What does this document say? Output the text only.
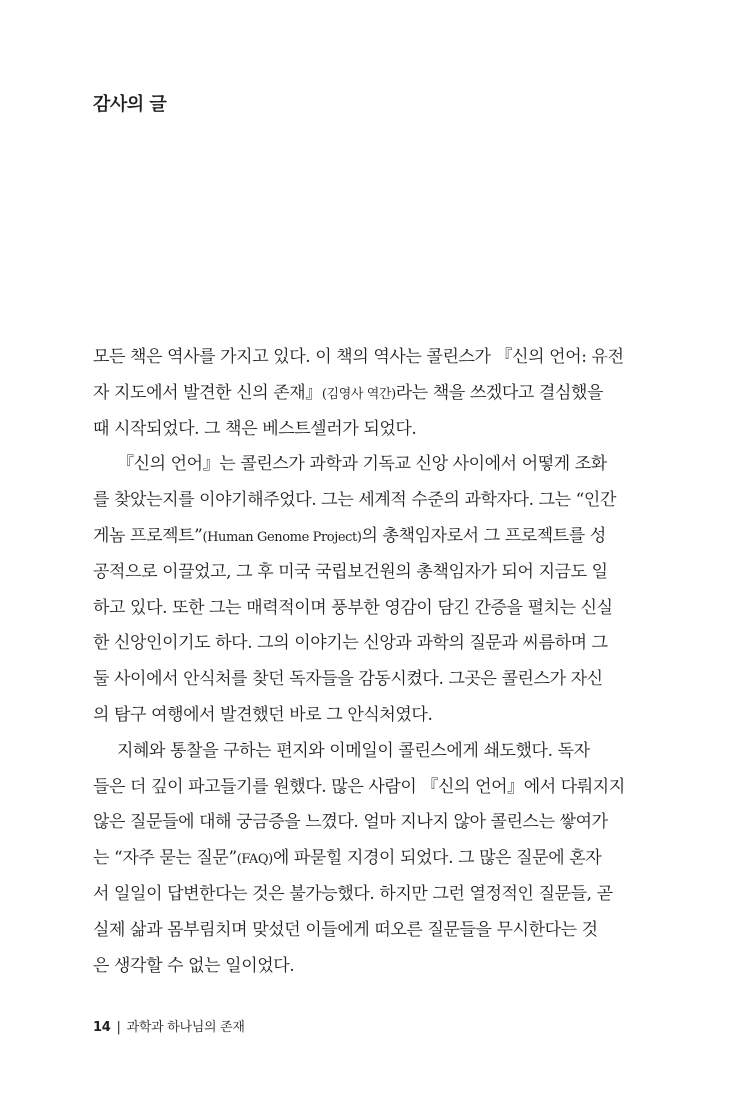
감사의 글
모든 책은 역사를 가지고 있다. 이 책의 역사는 콜린스가 『신의 언어: 유전
자 지도에서 발견한 신의 존재』(김영사 역간)라는 책을 쓰겠다고 결심했을
때 시작되었다. 그 책은 베스트셀러가 되었다.
『신의 언어』는 콜린스가 과학과 기독교 신앙 사이에서 어떻게 조화
를 찾았는지를 이야기해주었다. 그는 세계적 수준의 과학자다. 그는 “인간
게놈 프로젝트”(Human Genome Project)의 총책임자로서 그 프로젝트를 성
공적으로 이끌었고, 그 후 미국 국립보건원의 총책임자가 되어 지금도 일
하고 있다. 또한 그는 매력적이며 풍부한 영감이 담긴 간증을 펼치는 신실
한 신앙인이기도 하다. 그의 이야기는 신앙과 과학의 질문과 씨름하며 그
둘 사이에서 안식처를 찾던 독자들을 감동시켰다. 그곳은 콜린스가 자신
의 탐구 여행에서 발견했던 바로 그 안식처였다.
지혜와 통찰을 구하는 편지와 이메일이 콜린스에게 쇄도했다. 독자
들은 더 깊이 파고들기를 원했다. 많은 사람이 『신의 언어』에서 다뤄지지
않은 질문들에 대해 궁금증을 느꼈다. 얼마 지나지 않아 콜린스는 쌓여가
는 “자주 묻는 질문”(FAQ)에 파묻힐 지경이 되었다. 그 많은 질문에 혼자
서 일일이 답변한다는 것은 불가능했다. 하지만 그런 열정적인 질문들, 곧
실제 삶과 몸부림치며 맞섰던 이들에게 떠오른 질문들을 무시한다는 것
은 생각할 수 없는 일이었다.
14 | 과학과 하나님의 존재
